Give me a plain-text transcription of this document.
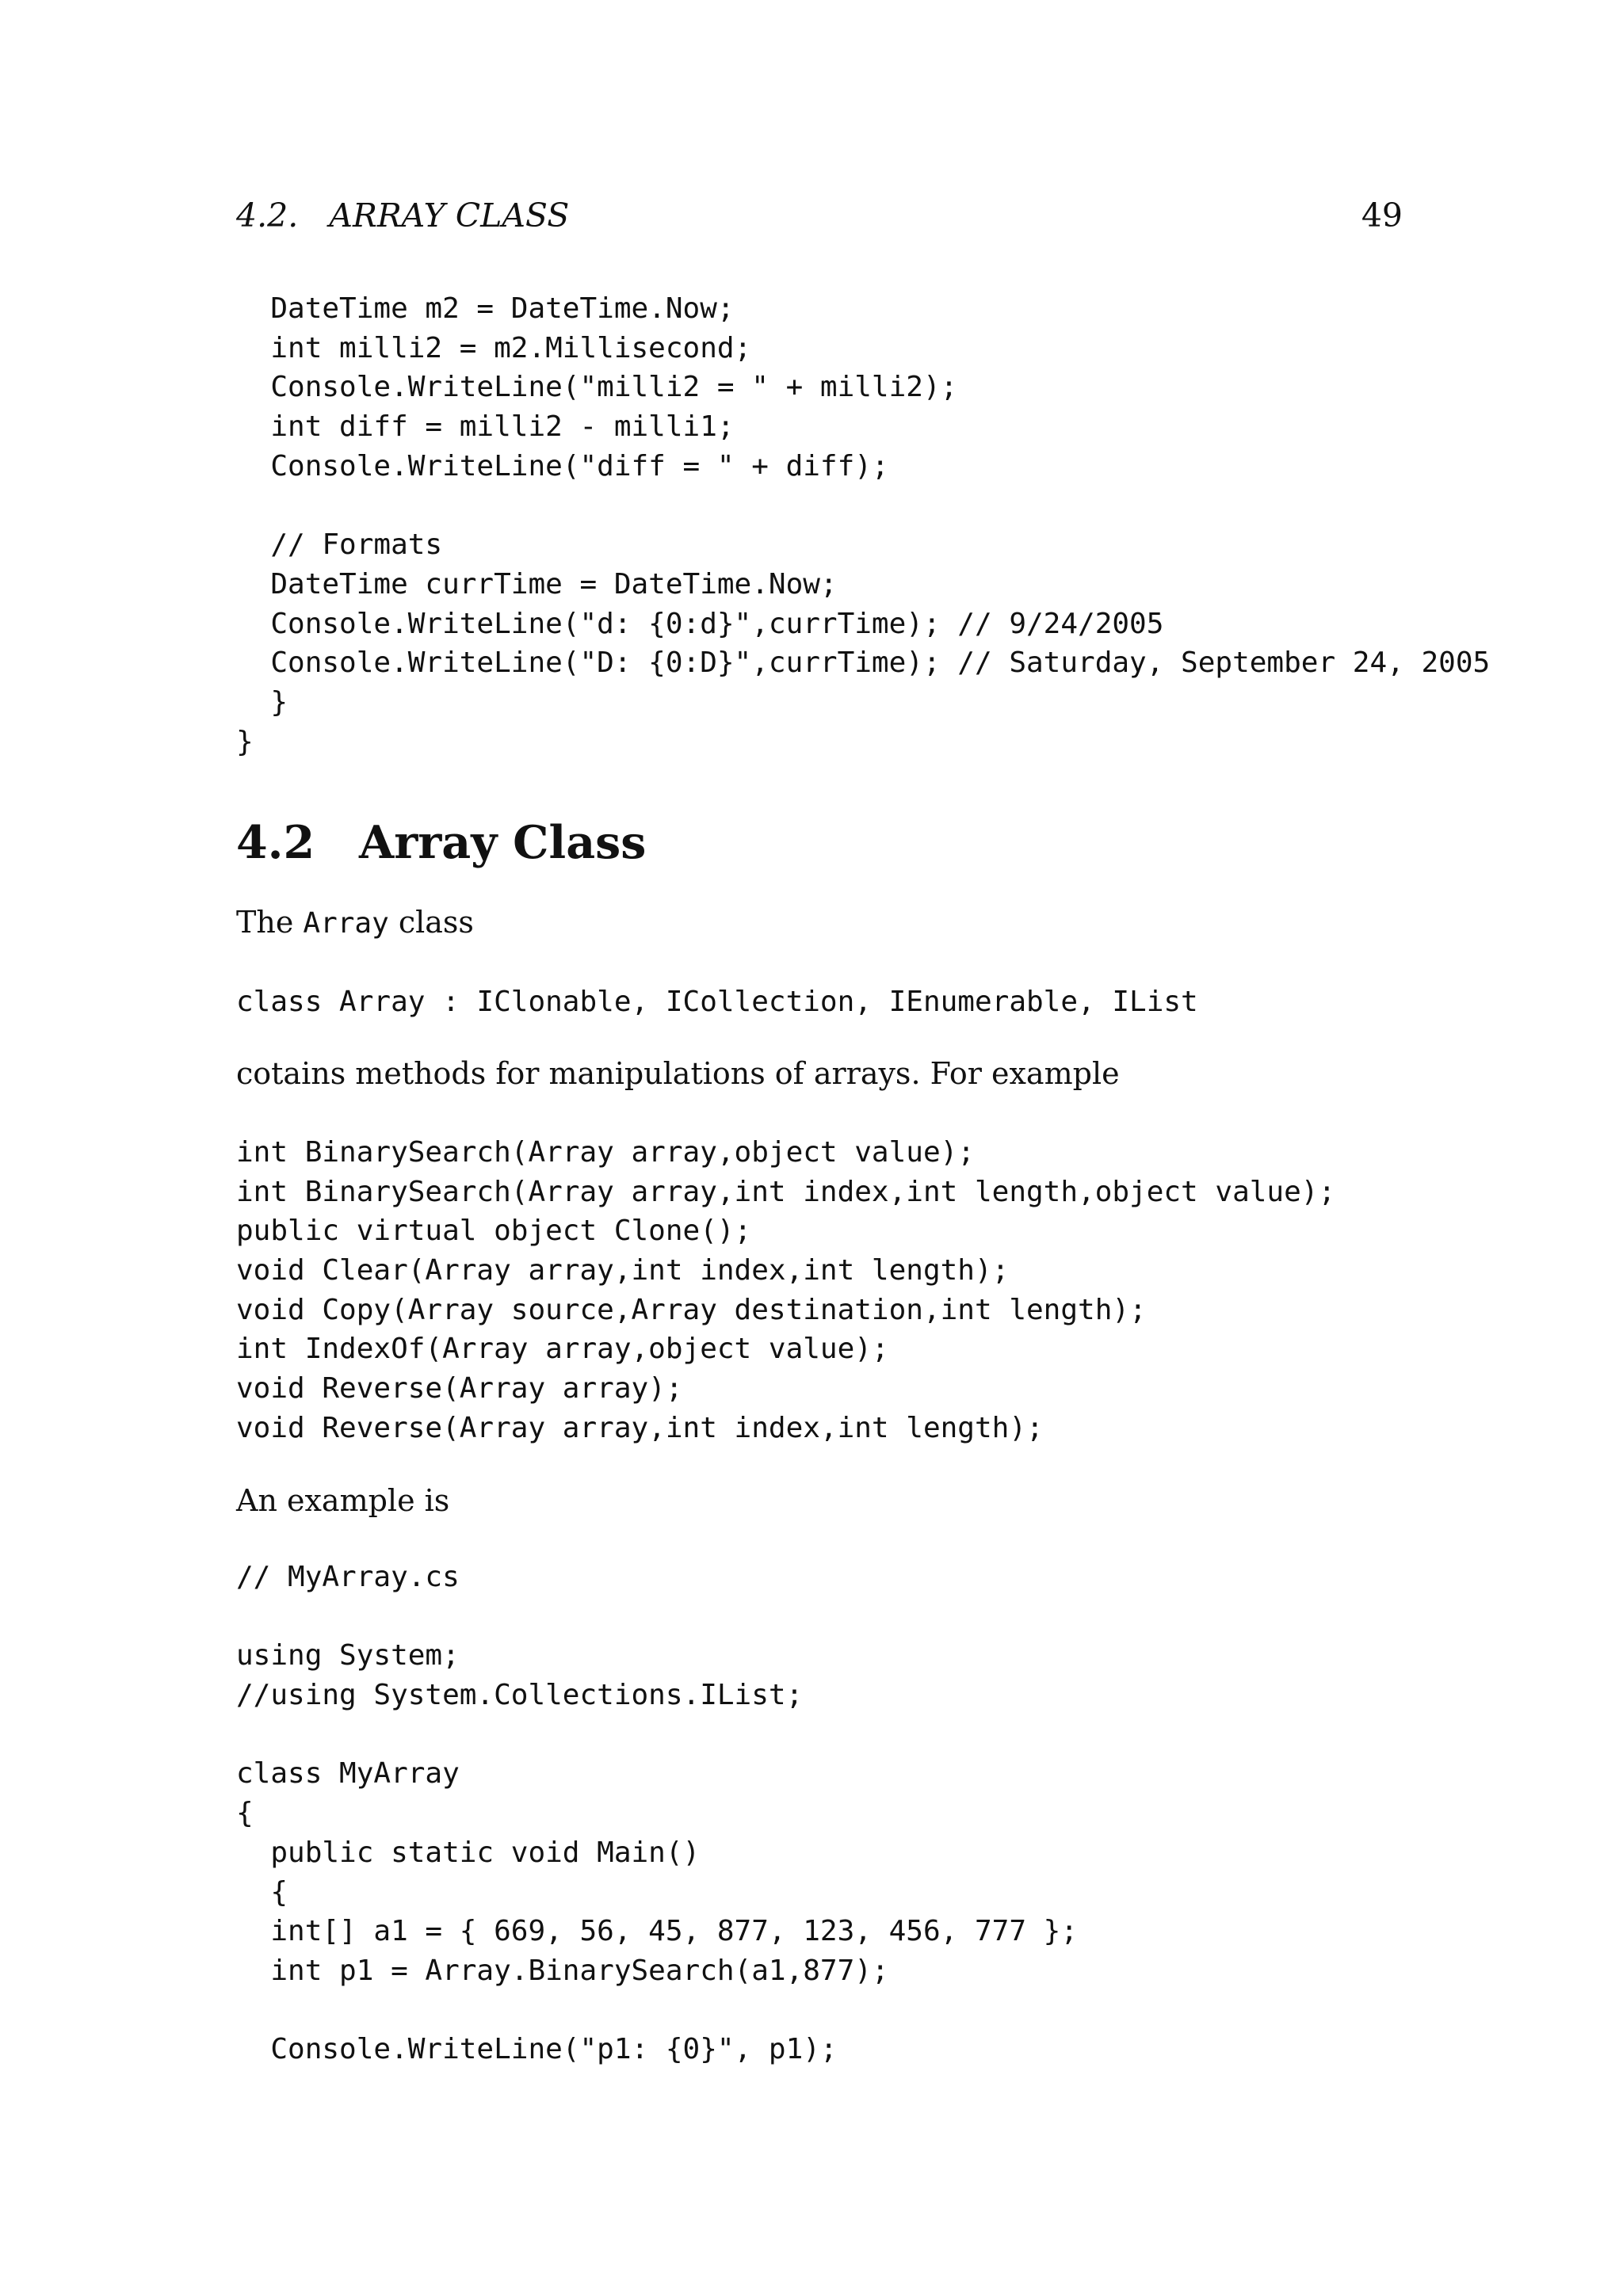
4.2.   ARRAY CLASS	49
DateTime m2 = DateTime.Now;
int milli2 = m2.Millisecond;
Console.WriteLine("milli2 = " + milli2);
int diff = milli2 - milli1;
Console.WriteLine("diff = " + diff);
// Formats
DateTime currTime = DateTime.Now;
Console.WriteLine("d: {0:d}",currTime); // 9/24/2005
Console.WriteLine("D: {0:D}",currTime); // Saturday, September 24, 2005
}
}
4.2 Array Class
The Array class
class Array : IClonable, ICollection, IEnumerable, IList
cotains methods for manipulations of arrays. For example
int BinarySearch(Array array,object value);
int BinarySearch(Array array,int index,int length,object value);
public virtual object Clone();
void Clear(Array array,int index,int length);
void Copy(Array source,Array destination,int length);
int IndexOf(Array array,object value);
void Reverse(Array array);
void Reverse(Array array,int index,int length);
An example is
// MyArray.cs
using System;
//using System.Collections.IList;
class MyArray
{
public static void Main()
{
int[] a1 = { 669, 56, 45, 877, 123, 456, 777 };
int p1 = Array.BinarySearch(a1,877);
Console.WriteLine("p1: {0}", p1);
